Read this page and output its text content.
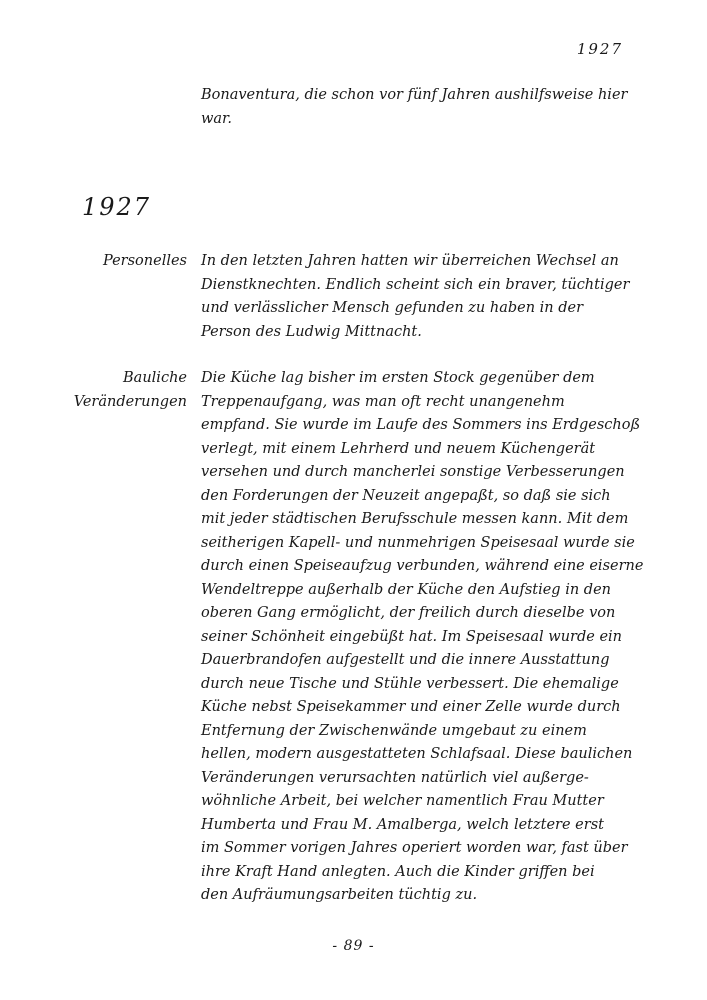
1927

Bonaventura, die schon vor fünf Jahren aushilfsweise hier
war.

1927
Personelles In den letzten Jahren hatten wir überreichen Wechsel an
Dienstknechten. Endlich scheint sich ein braver, tüchtiger
und verlässlicher Mensch gefunden zu haben in der
Person des Ludwig Mittnacht.

Bauliche
Veränderungen

Die Küche lag bisher im ersten Stock gegenüber dem
Treppenaufgang, was man oft recht unangenehm
empfand. Sie wurde im Laufe des Sommers ins Erdgeschoß
verlegt, mit einem Lehrherd und neuem Küchengerät
versehen und durch mancherlei sonstige Verbesserungen
den Forderungen der Neuzeit angepaßt, so daß sie sich
mit jeder städtischen Berufsschule messen kann. Mit dem
seitherigen Kapell- und nunmehrigen Speisesaal wurde sie
durch einen Speiseaufzug verbunden, während eine eiserne
Wendeltreppe außerhalb der Küche den Aufstieg in den
oberen Gang ermöglicht, der freilich durch dieselbe von
seiner Schönheit eingebüßt hat. Im Speisesaal wurde ein
Dauerbrandofen aufgestellt und die innere Ausstattung
durch neue Tische und Stühle verbessert. Die ehemalige
Küche nebst Speisekammer und einer Zelle wurde durch
Entfernung der Zwischenwände umgebaut zu einem
hellen, modern ausgestatteten Schlafsaal. Diese baulichen
Veränderungen verursachten natürlich viel außerge-
wöhnliche Arbeit, bei welcher namentlich Frau Mutter
Humberta und Frau M. Amalberga, welch letztere erst
im Sommer vorigen Jahres operiert worden war, fast über
ihre Kraft Hand anlegten. Auch die Kinder griffen bei
den Aufräumungsarbeiten tüchtig zu.

- 89 -
